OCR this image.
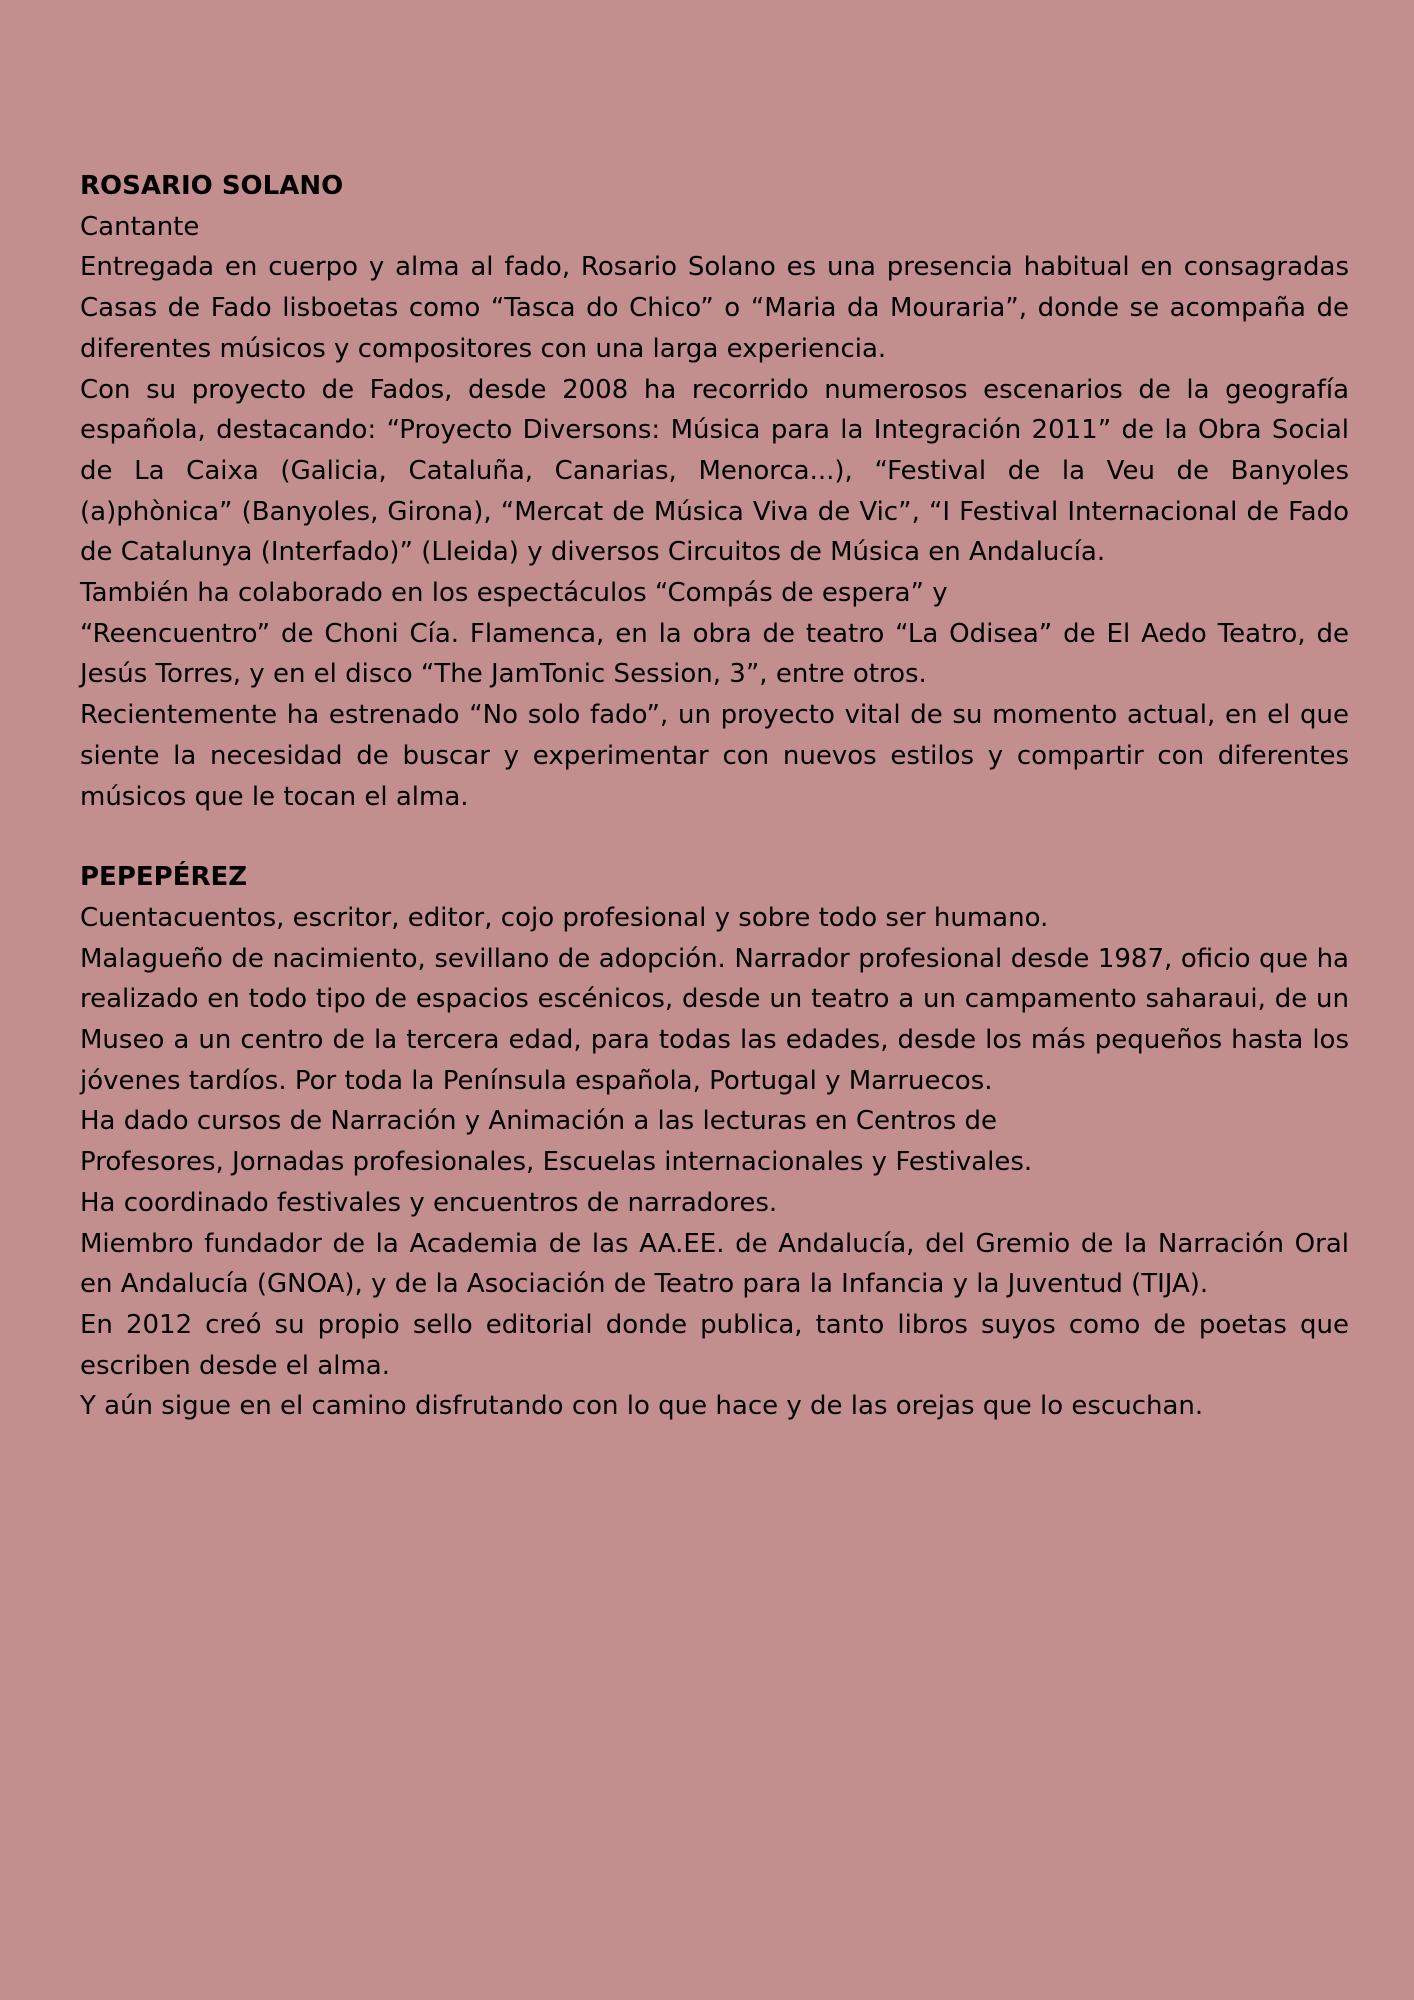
ROSARIO SOLANO

Cantante

Entregada en cuerpo y alma al fado, Rosario Solano es una presencia habitual en consagradas Casas de Fado lisboetas como “Tasca do Chico” o “Maria da Mouraria”, donde se acompaña de diferentes músicos y compositores con una larga experiencia.

Con su proyecto de Fados, desde 2008 ha recorrido numerosos escenarios de la geografía española, destacando: “Proyecto Diversons: Música para la Integración 2011” de la Obra Social de La Caixa (Galicia, Cataluña, Canarias, Menorca...), “Festival de la Veu de Banyoles (a)phònica” (Banyoles, Girona), “Mercat de Música Viva de Vic”, “I Festival Internacional de Fado de Catalunya (Interfado)” (Lleida) y diversos Circuitos de Música en Andalucía.

También ha colaborado en los espectáculos “Compás de espera” y

“Reencuentro” de Choni Cía. Flamenca, en la obra de teatro “La Odisea” de El Aedo Teatro, de Jesús Torres, y en el disco “The JamTonic Session, 3”, entre otros.

Recientemente ha estrenado “No solo fado”, un proyecto vital de su momento actual, en el que siente la necesidad de buscar y experimentar con nuevos estilos y compartir con diferentes músicos que le tocan el alma.

PEPEPÉREZ

Cuentacuentos, escritor, editor, cojo profesional y sobre todo ser humano.

Malagueño de nacimiento, sevillano de adopción. Narrador profesional desde 1987, oficio que ha realizado en todo tipo de espacios escénicos, desde un teatro a un campamento saharaui, de un Museo a un centro de la tercera edad, para todas las edades, desde los más pequeños hasta los jóvenes tardíos. Por toda la Península española, Portugal y Marruecos.

Ha dado cursos de Narración y Animación a las lecturas en Centros de

Profesores, Jornadas profesionales, Escuelas internacionales y Festivales.

Ha coordinado festivales y encuentros de narradores.

Miembro fundador de la Academia de las AA.EE. de Andalucía, del Gremio de la Narración Oral en Andalucía (GNOA), y de la Asociación de Teatro para la Infancia y la Juventud (TIJA).

En 2012 creó su propio sello editorial donde publica, tanto libros suyos como de poetas que escriben desde el alma.

Y aún sigue en el camino disfrutando con lo que hace y de las orejas que lo escuchan.
